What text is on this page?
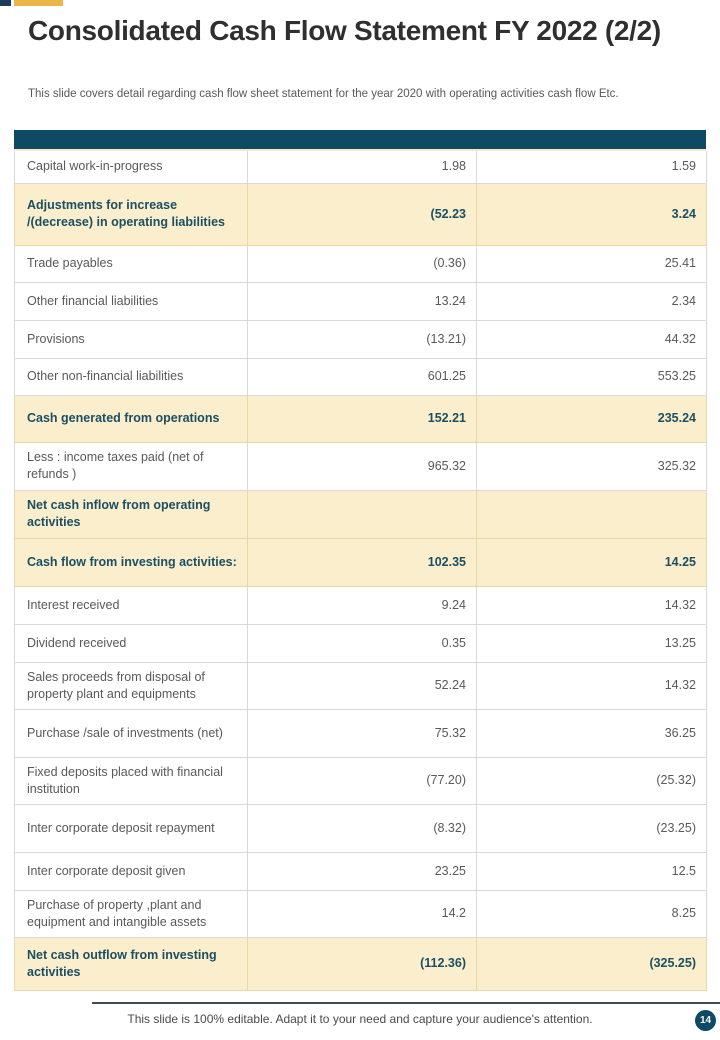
Consolidated Cash Flow Statement FY 2022 (2/2)

This slide covers detail regarding cash flow sheet statement for the year 2020 with operating activities cash flow Etc.

Capital work-in-progress	1.98	1.59
Adjustments for increase /(decrease) in operating liabilities	(52.23	3.24
Trade payables	(0.36)	25.41
Other financial liabilities	13.24	2.34
Provisions	(13.21)	44.32
Other non-financial liabilities	601.25	553.25
Cash generated from operations	152.21	235.24
Less : income taxes paid (net of refunds )	965.32	325.32
Net cash inflow from operating activities		
Cash flow from investing activities:	102.35	14.25
Interest received	9.24	14.32
Dividend received	0.35	13.25
Sales proceeds from disposal of property plant and equipments	52.24	14.32
Purchase /sale of investments (net)	75.32	36.25
Fixed deposits placed with financial institution	(77.20)	(25.32)
Inter corporate deposit repayment	(8.32)	(23.25)
Inter corporate deposit given	23.25	12.5
Purchase of property ,plant and equipment and intangible assets	14.2	8.25
Net cash outflow from investing activities	(112.36)	(325.25)

This slide is 100% editable. Adapt it to your need and capture your audience's attention.	14
